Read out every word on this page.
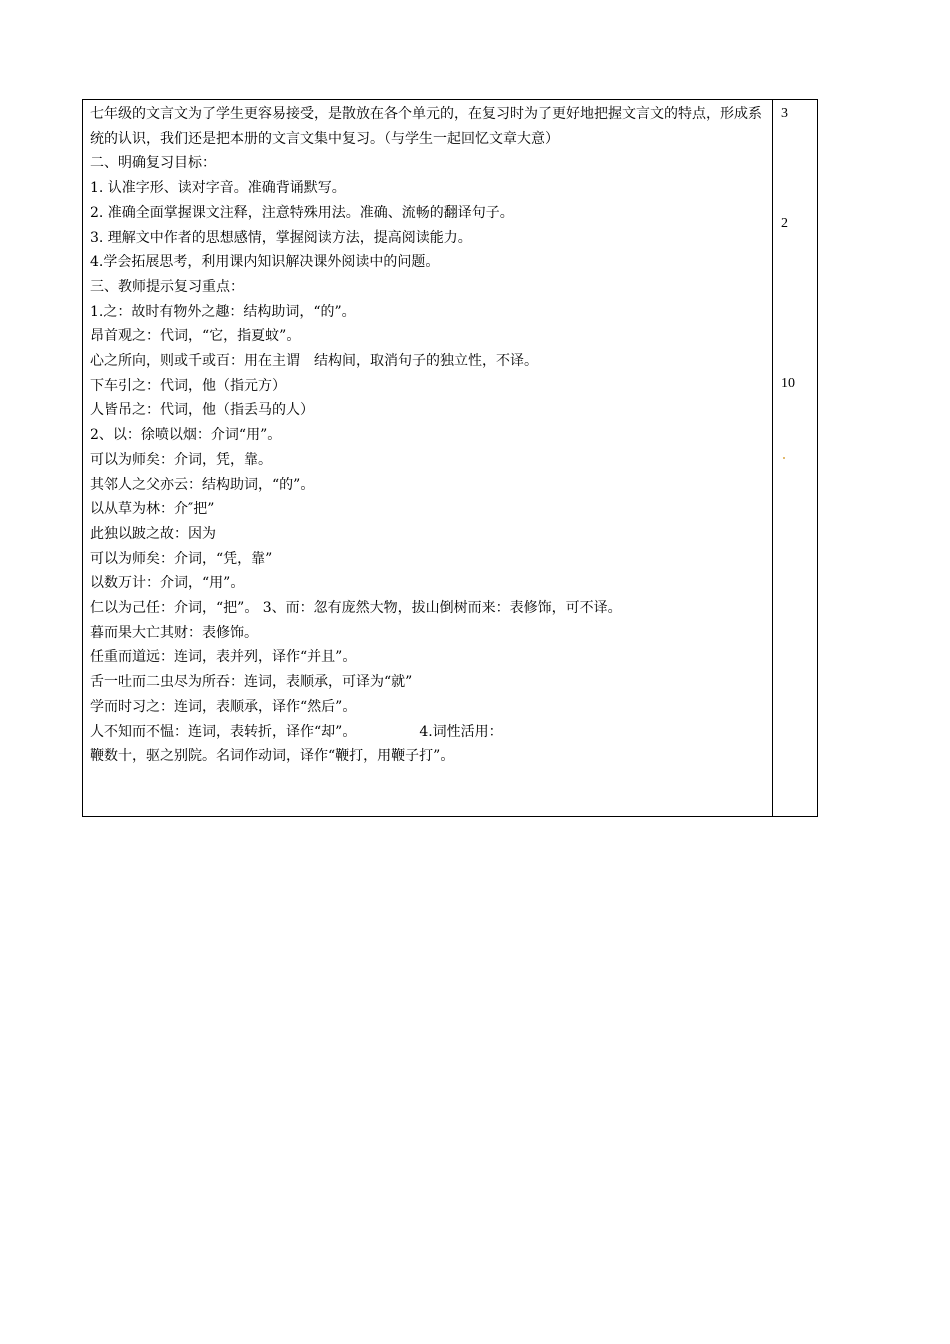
七年级的文言文为了学生更容易接受，是散放在各个单元的，在复习时为了更好地把握文言文的特点，形成系统的认识，我们还是把本册的文言文集中复习。（与学生一起回忆文章大意）
二、明确复习目标：
1. 认准字形、读对字音。准确背诵默写。
2. 准确全面掌握课文注释，注意特殊用法。准确、流畅的翻译句子。
3. 理解文中作者的思想感情，掌握阅读方法，提高阅读能力。
4.学会拓展思考，利用课内知识解决课外阅读中的问题。
三、教师提示复习重点：
1.之：故时有物外之趣：结构助词，“的”。
昂首观之：代词，“它，指夏蚊”。
心之所向，则或千或百：用在主谓　结构间，取消句子的独立性，不译。
下车引之：代词，他（指元方）
人皆吊之：代词，他（指丢马的人）
2、以：徐喷以烟：介词“用”。
可以为师矣：介词，凭，靠。
其邻人之父亦云：结构助词，“的”。
以从草为林：介″把”
此独以跛之故：因为
可以为师矣：介词，“凭，靠”
以数万计：介词，“用”。
仁以为己任：介词，“把”。 3、而：忽有庞然大物，拔山倒树而来：表修饰，可不译。
暮而果大亡其财：表修饰。
任重而道远：连词，表并列，译作“并且”。
舌一吐而二虫尽为所吞：连词，表顺承，可译为“就”
学而时习之：连词，表顺承，译作“然后”。
人不知而不愠：连词，表转折，译作“却”。　　　　　4.词性活用：
鞭数十，驱之别院。名词作动词，译作“鞭打，用鞭子打”。
3
2
10
